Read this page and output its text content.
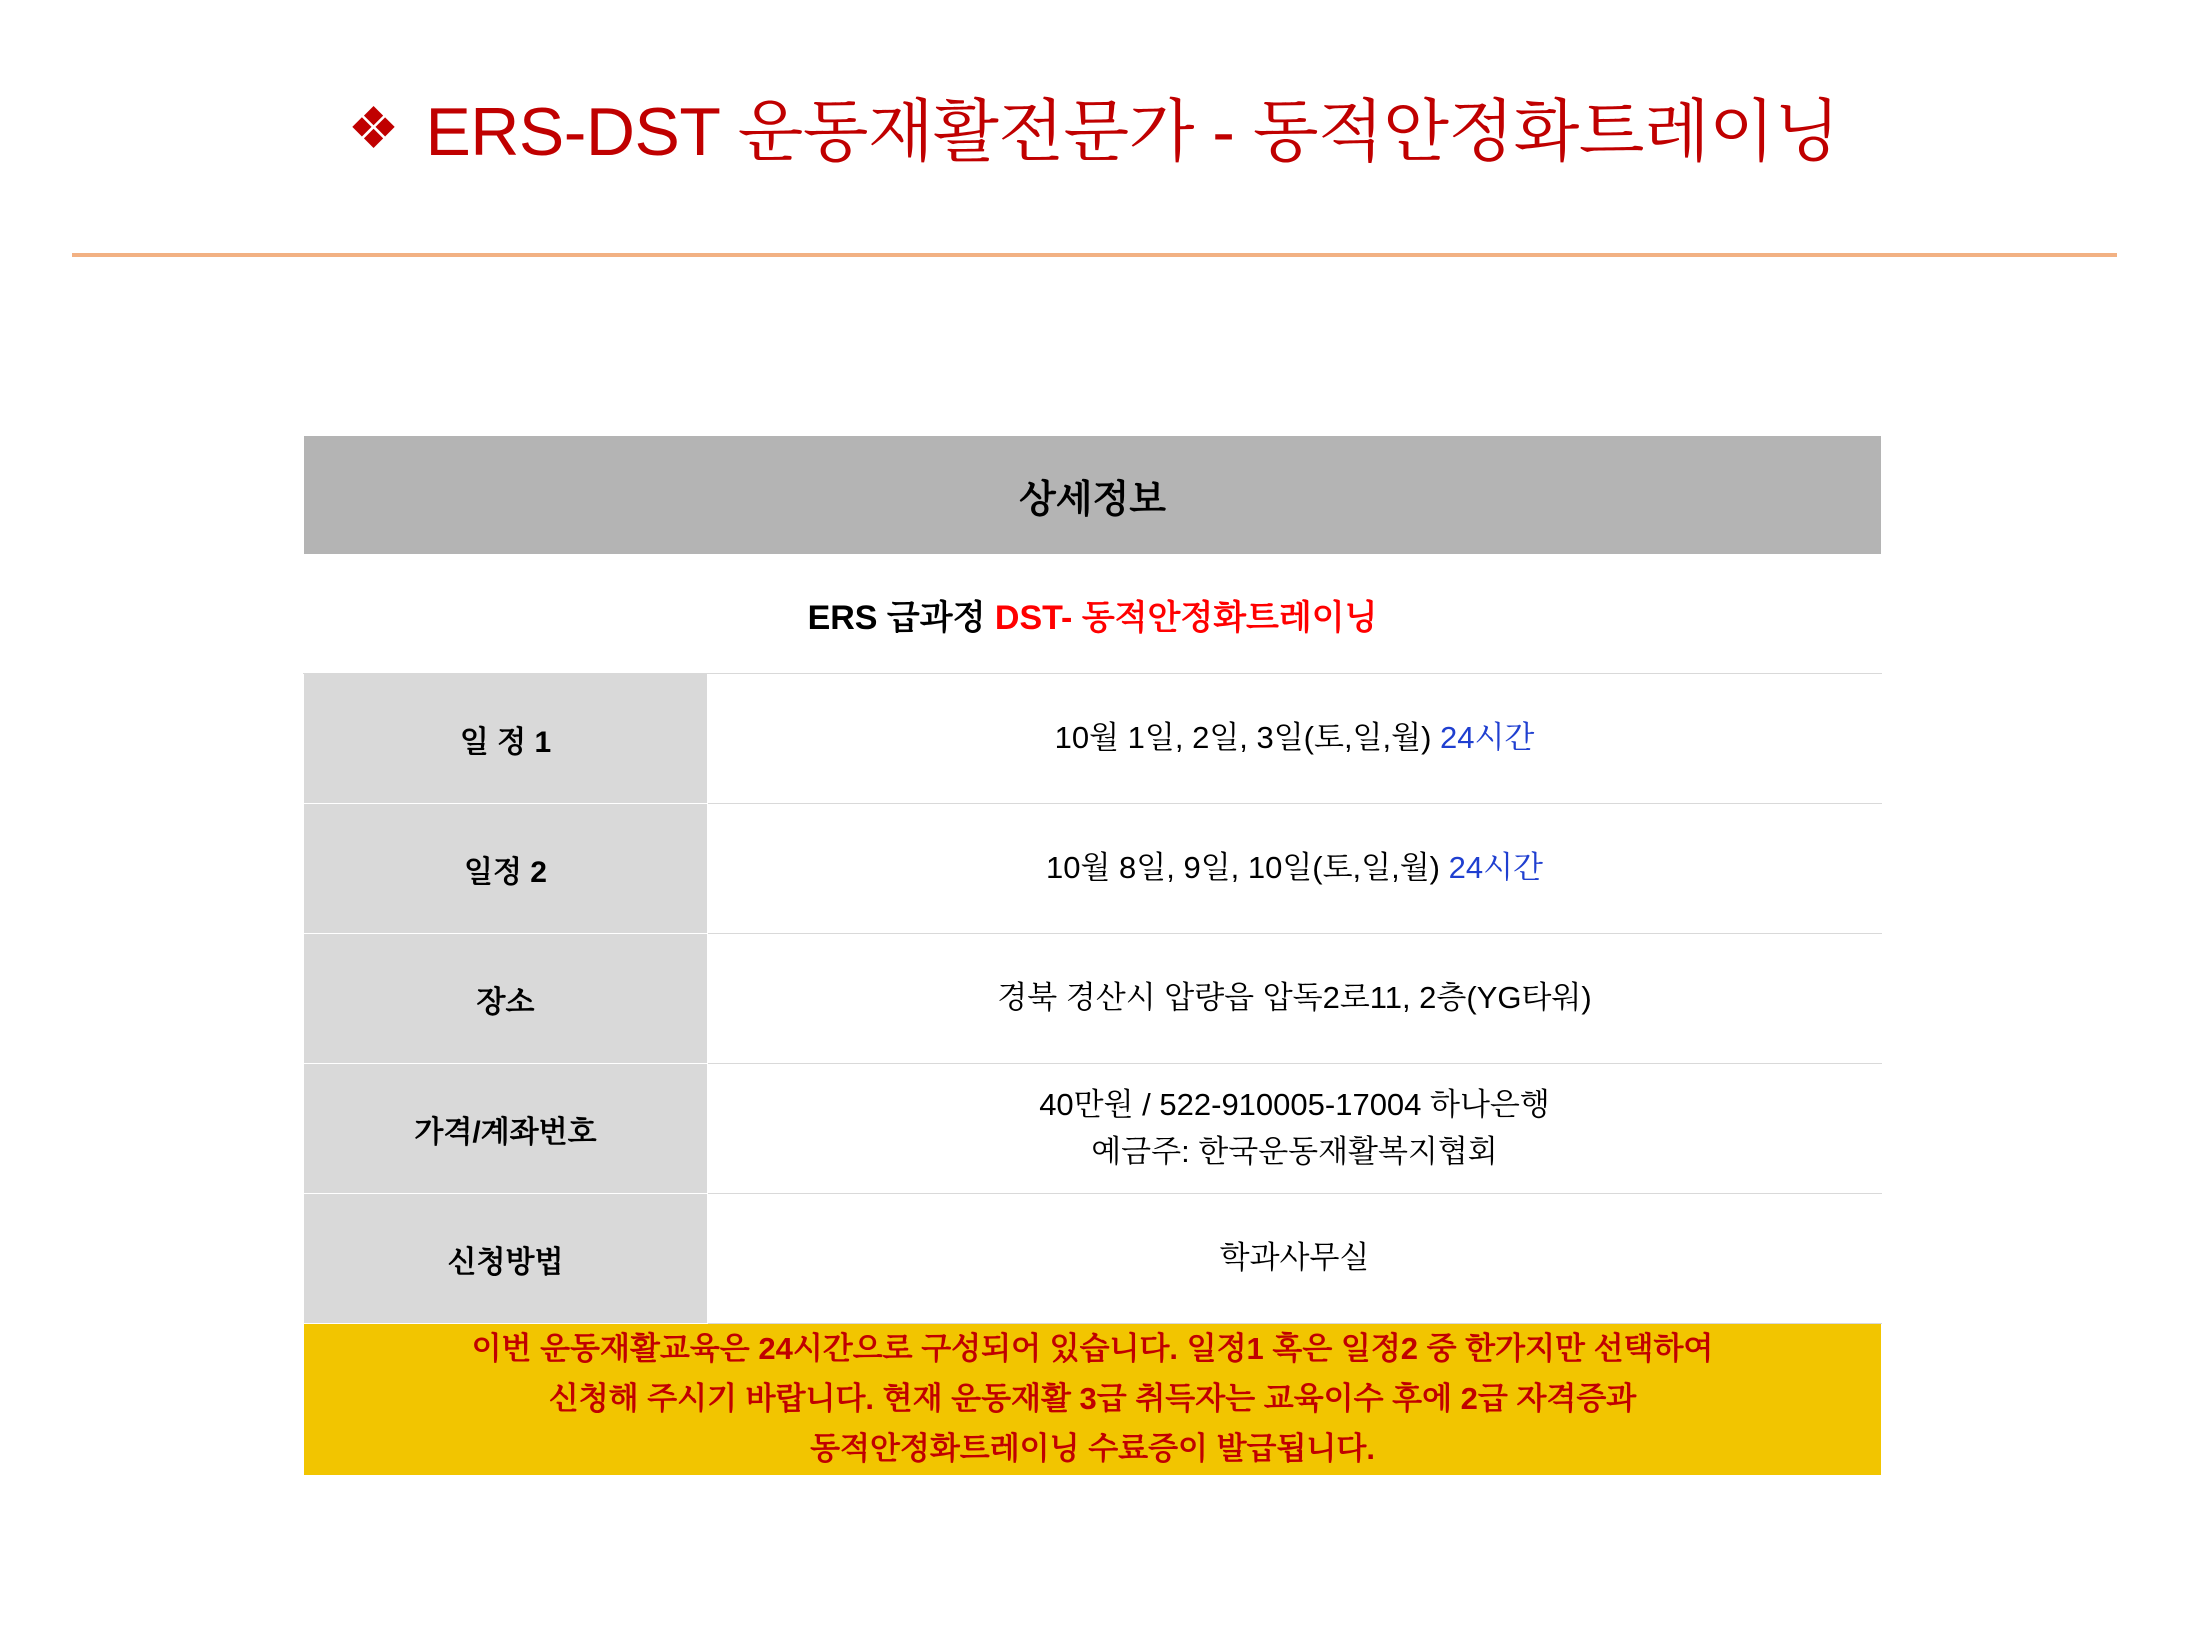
❖ ERS-DST 운동재활전문가 - 동적안정화트레이닝
상세정보	
ERS 급과정 DST- 동적안정화트레이닝	
일 정 1	10월 1일, 2일, 3일(토,일,월) 24시간
일정 2	10월 8일, 9일, 10일(토,일,월) 24시간
장소	경북 경산시 압량읍 압독2로11, 2층(YG타워)
가격/계좌번호	40만원 / 522-910005-17004 하나은행
예금주: 한국운동재활복지협회

신청방법	학과사무실

이번 운동재활교육은 24시간으로 구성되어 있습니다. 일정1 혹은 일정2 중 한가지만 선택하여
신청해 주시기 바랍니다. 현재 운동재활 3급 취득자는 교육이수 후에 2급 자격증과
동적안정화트레이닝 수료증이 발급됩니다.	
